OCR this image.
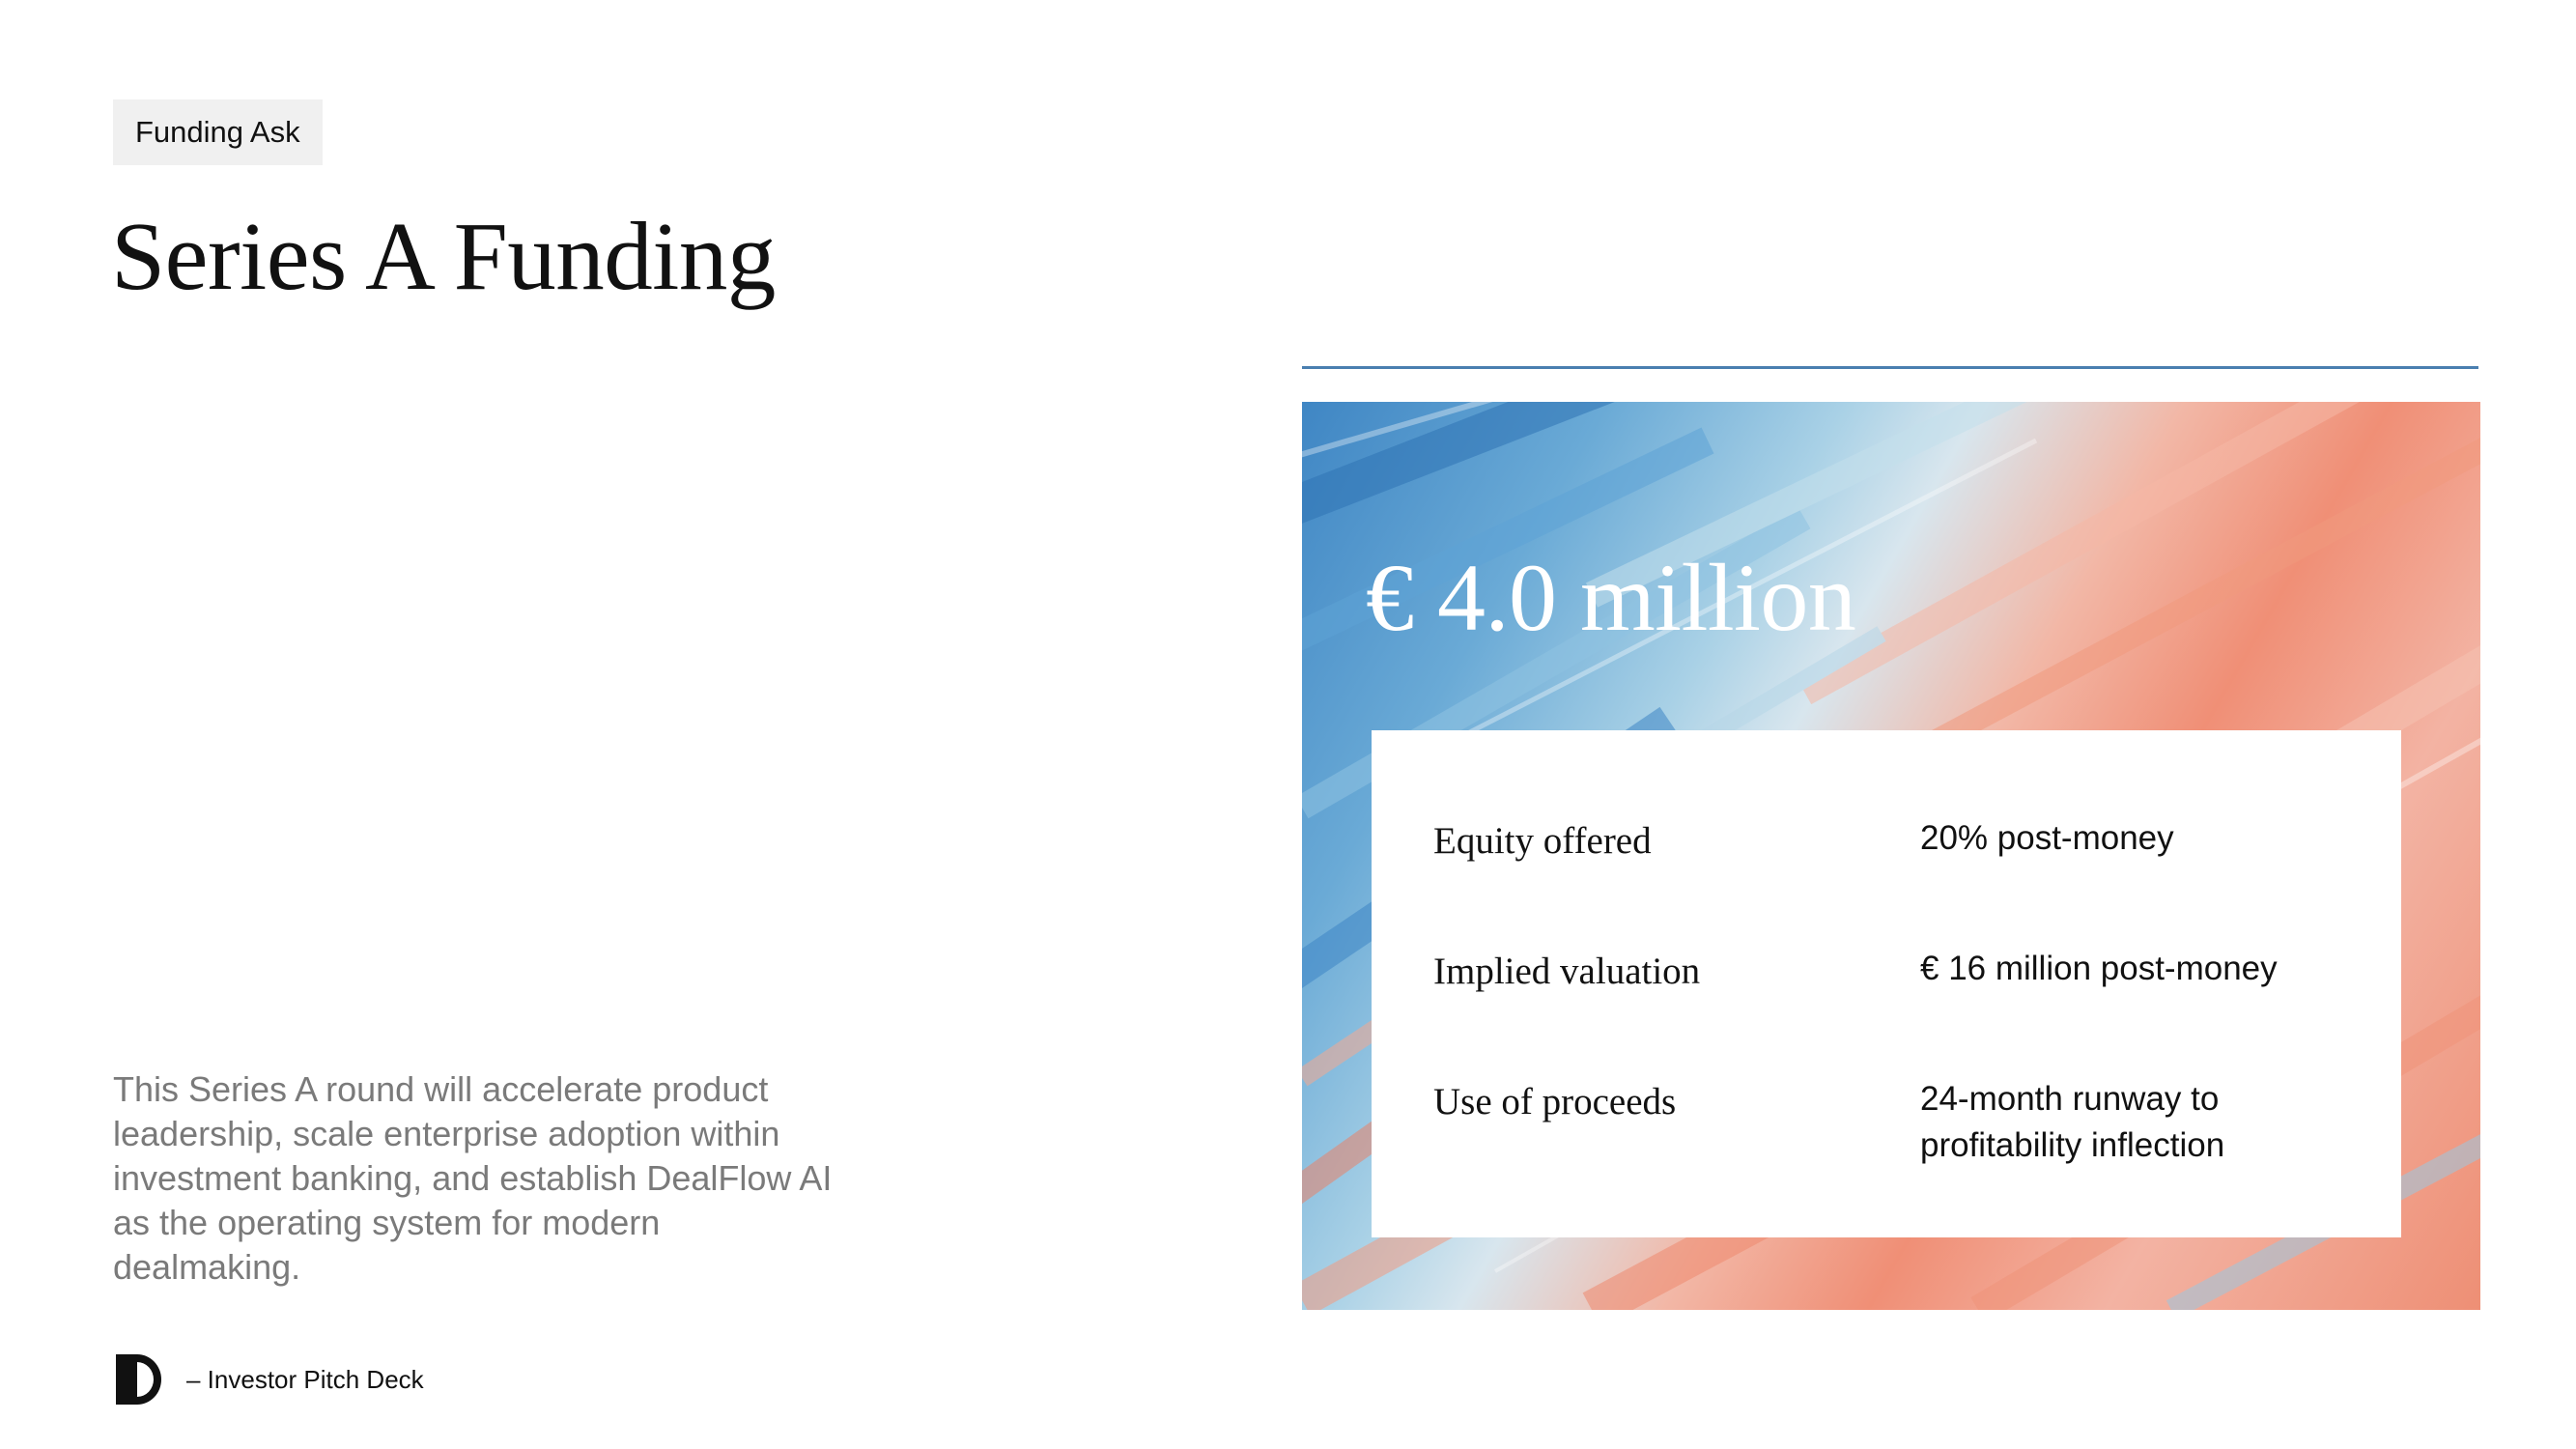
Funding Ask
Series A Funding

This Series A round will accelerate product leadership, scale enterprise adoption within investment banking, and establish DealFlow AI as the operating system for modern dealmaking.

– Investor Pitch Deck
€ 4.0 million
Equity offered	20% post-money
Implied valuation	€ 16 million post-money
Use of proceeds	24-month runway to profitability inflection
